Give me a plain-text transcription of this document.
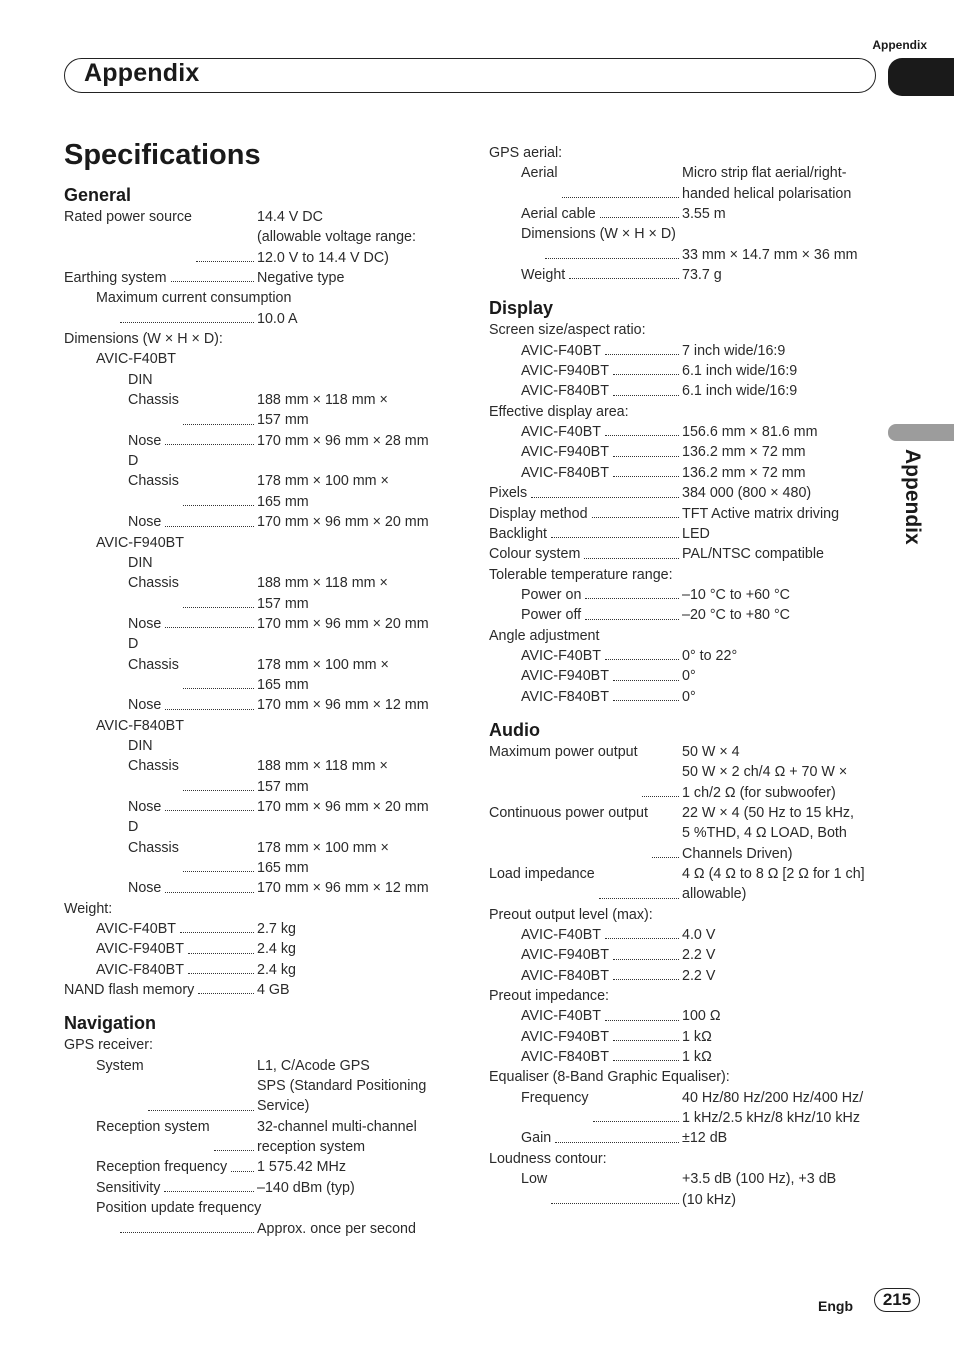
Appendix
Appendix
Appendix
Specifications
General
Rated power source	14.4 V DC
(allowable voltage range:
12.0 V to 14.4 V DC)
Earthing system	Negative type
Maximum current consumption
10.0 A
Dimensions (W × H × D):
AVIC-F40BT
DIN
Chassis	188 mm × 118 mm ×
157 mm
Nose	170 mm × 96 mm × 28 mm
D
Chassis	178 mm × 100 mm ×
165 mm
Nose	170 mm × 96 mm × 20 mm
AVIC-F940BT
DIN
Chassis	188 mm × 118 mm ×
157 mm
Nose	170 mm × 96 mm × 20 mm
D
Chassis	178 mm × 100 mm ×
165 mm
Nose	170 mm × 96 mm × 12 mm
AVIC-F840BT
DIN
Chassis	188 mm × 118 mm ×
157 mm
Nose	170 mm × 96 mm × 20 mm
D
Chassis	178 mm × 100 mm ×
165 mm
Nose	170 mm × 96 mm × 12 mm
Weight:
AVIC-F40BT	2.7 kg
AVIC-F940BT	2.4 kg
AVIC-F840BT	2.4 kg
NAND flash memory	4 GB
Navigation
GPS receiver:
System	L1, C/Acode GPS
SPS (Standard Positioning
Service)
Reception system	32-channel multi-channel
reception system
Reception frequency 1 575.42 MHz
Sensitivity	–140 dBm (typ)
Position update frequency
Approx. once per second
GPS aerial:
Aerial	Micro strip flat aerial/right-
handed helical polarisation
Aerial cable	3.55 m
Dimensions (W × H × D)
33 mm × 14.7 mm × 36 mm
Weight	73.7 g
Display
Screen size/aspect ratio:
AVIC-F40BT	7 inch wide/16:9
AVIC-F940BT	6.1 inch wide/16:9
AVIC-F840BT	6.1 inch wide/16:9
Effective display area:
AVIC-F40BT	156.6 mm × 81.6 mm
AVIC-F940BT	136.2 mm × 72 mm
AVIC-F840BT	136.2 mm × 72 mm
Pixels	384 000 (800 × 480)
Display method	TFT Active matrix driving
Backlight	LED
Colour system	PAL/NTSC compatible
Tolerable temperature range:
Power on	–10 °C to +60 °C
Power off	–20 °C to +80 °C
Angle adjustment
AVIC-F40BT	0° to 22°
AVIC-F940BT	0°
AVIC-F840BT	0°
Audio
Maximum power output	50 W × 4
50 W × 2 ch/4 Ω + 70 W ×
1 ch/2 Ω (for subwoofer)
Continuous power output 22 W × 4 (50 Hz to 15 kHz,
5 %THD, 4 Ω LOAD, Both
Channels Driven)
Load impedance	4 Ω (4 Ω to 8 Ω [2 Ω for 1 ch]
allowable)
Preout output level (max):
AVIC-F40BT	4.0 V
AVIC-F940BT	2.2 V
AVIC-F840BT	2.2 V
Preout impedance:
AVIC-F40BT	100 Ω
AVIC-F940BT	1 kΩ
AVIC-F840BT	1 kΩ
Equaliser (8-Band Graphic Equaliser):
Frequency	40 Hz/80 Hz/200 Hz/400 Hz/
1 kHz/2.5 kHz/8 kHz/10 kHz
Gain	±12 dB
Loudness contour:
Low	+3.5 dB (100 Hz), +3 dB
(10 kHz)
Engb	215
